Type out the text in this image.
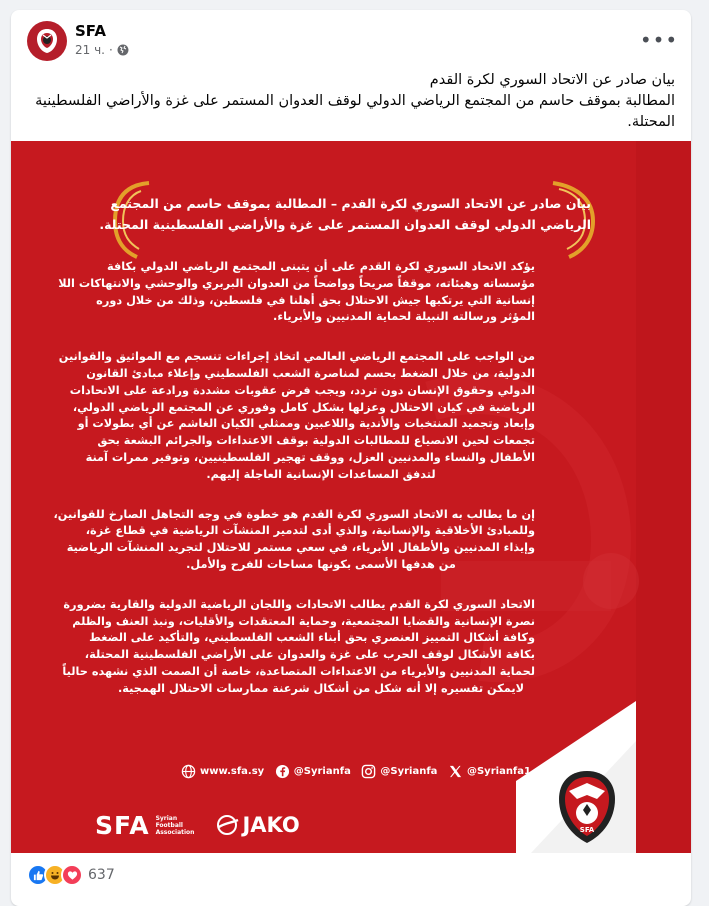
SFA
21 ч. ·	•••
بيان صادر عن الاتحاد السوري لكرة القدم
المطالبة بموقف حاسم من المجتمع الرياضي الدولي لوقف العدوان المستمر على غزة والأراضي الفلسطينية
المحتلة.
بيان صادر عن الاتحاد السوري لكرة القدم – المطالبة بموقف حاسم من المجتمع
الرياضي الدولي لوقف العدوان المستمر على غزة والأراضي الفلسطينية المحتلة.
يؤكد الاتحاد السوري لكرة القدم على أن يتبنى المجتمع الرياضي الدولي بكافة
مؤسساته وهيئاته، موقفاً صريحاً وواضحاً من العدوان البربري والوحشي والانتهاكات اللا
إنسانية التي يرتكبها جيش الاحتلال بحق أهلنا في فلسطين، وذلك من خلال دوره
المؤثر ورسالته النبيلة لحماية المدنيين والأبرياء.
من الواجب على المجتمع الرياضي العالمي اتخاذ إجراءات تنسجم مع المواثيق والقوانين
الدولية، من خلال الضغط بحسم لمناصرة الشعب الفلسطيني وإعلاء مبادئ القانون
الدولي وحقوق الإنسان دون تردد، ويجب فرض عقوبات مشددة ورادعة على الاتحادات
الرياضية في كيان الاحتلال وعزلها بشكل كامل وفوري عن المجتمع الرياضي الدولي،
وإبعاد وتجميد المنتخبات والأندية واللاعبين وممثلي الكيان الغاشم عن أي بطولات أو
تجمعات لحين الانصياع للمطالبات الدولية بوقف الاعتداءات والجرائم البشعة بحق
الأطفال والنساء والمدنيين العزل، ووقف تهجير الفلسطينيين، وتوفير ممرات آمنة
لتدفق المساعدات الإنسانية العاجلة إليهم.
إن ما يطالب به الاتحاد السوري لكرة القدم هو خطوة في وجه التجاهل الصارخ للقوانين،
وللمبادئ الأخلاقية والإنسانية، والذي أدى لتدمير المنشآت الرياضية في قطاع غزة،
وإيذاء المدنيين والأطفال الأبرياء، في سعي مستمر للاحتلال لتجريد المنشآت الرياضية
من هدفها الأسمى بكونها مساحات للفرح والأمل.
الاتحاد السوري لكرة القدم يطالب الاتحادات واللجان الرياضية الدولية والقارية بضرورة
نصرة الإنسانية والقضايا المجتمعية، وحماية المعتقدات والأقليات، ونبذ العنف والظلم
وكافة أشكال التمييز العنصري بحق أبناء الشعب الفلسطيني، والتأكيد على الضغط
بكافة الأشكال لوقف الحرب على غزة والعدوان على الأراضي الفلسطينية المحتلة،
لحماية المدنيين والأبرياء من الاعتداءات المتصاعدة، خاصة أن الصمت الذي نشهده حالياً
لايمكن تفسيره إلا أنه شكل من أشكال شرعنة ممارسات الاحتلال الهمجية.
www.sfa.sy	@Syrianfa	@Syrianfa	@Syrianfa1
SFA Syrian
Football
Association JAKO	SFA
637
